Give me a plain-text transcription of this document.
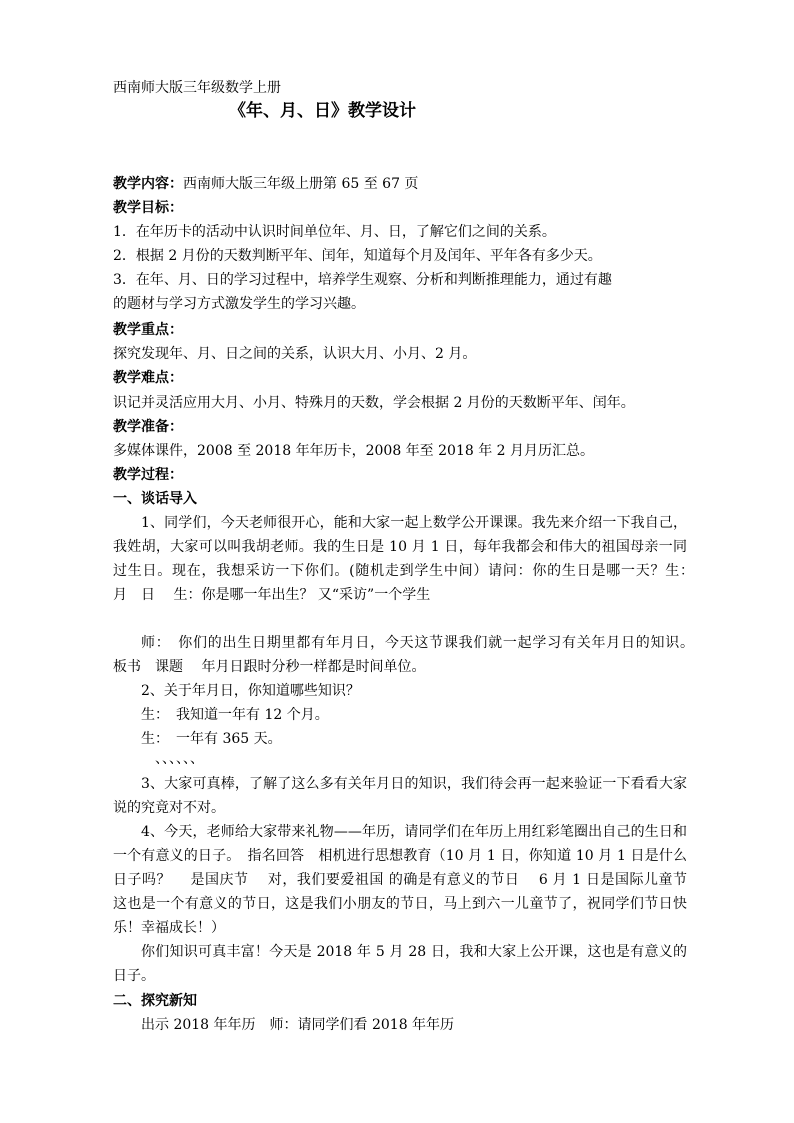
西南师大版三年级数学上册
《年、月、日》教学设计
教学内容：西南师大版三年级上册第 65 至 67 页
教学目标：
1．在年历卡的活动中认识时间单位年、月、日，了解它们之间的关系。
2．根据 2 月份的天数判断平年、闰年，知道每个月及闰年、平年各有多少天。
3．在年、月、日的学习过程中，培养学生观察、分析和判断推理能力，通过有趣
的题材与学习方式激发学生的学习兴趣。
教学重点：
探究发现年、月、日之间的关系，认识大月、小月、2 月。
教学难点：
识记并灵活应用大月、小月、特殊月的天数，学会根据 2 月份的天数断平年、闰年。
教学准备：
多媒体课件，2008 至 2018 年年历卡，2008 年至 2018 年 2 月月历汇总。
教学过程：
一、谈话导入
1、同学们，今天老师很开心，能和大家一起上数学公开课课。我先来介绍一下我自己，我姓胡，大家可以叫我胡老师。我的生日是 10 月 1 日，每年我都会和伟大的祖国母亲一同过生日。现在，我想采访一下你们。(随机走到学生中间）请问：你的生日是哪一天？生：　 月　日　 生：你是哪一年出生？ 又“采访”一个学生
师：　你们的出生日期里都有年月日，今天这节课我们就一起学习有关年月日的知识。　 板书　课题　 年月日跟时分秒一样都是时间单位。
2、关于年月日，你知道哪些知识？
生：　我知道一年有 12 个月。
生：　一年有 365 天。
　、、、、、、
3、大家可真棒，了解了这么多有关年月日的知识，我们待会再一起来验证一下看看大家说的究竟对不对。
4、今天，老师给大家带来礼物——年历，请同学们在年历上用红彩笔圈出自己的生日和一个有意义的日子。　指名回答　相机进行思想教育（10 月 1 日，你知道 10 月 1 日是什么日子吗？　 是国庆节　 对，我们要爱祖国 的确是有意义的节日　 6 月 1 日是国际儿童节　 这也是一个有意义的节日，这是我们小朋友的节日，马上到六一儿童节了，祝同学们节日快乐！幸福成长！）
你们知识可真丰富！今天是 2018 年 5 月 28 日，我和大家上公开课，这也是有意义的日子。
二、探究新知
出示 2018 年年历　师：请同学们看 2018 年年历
